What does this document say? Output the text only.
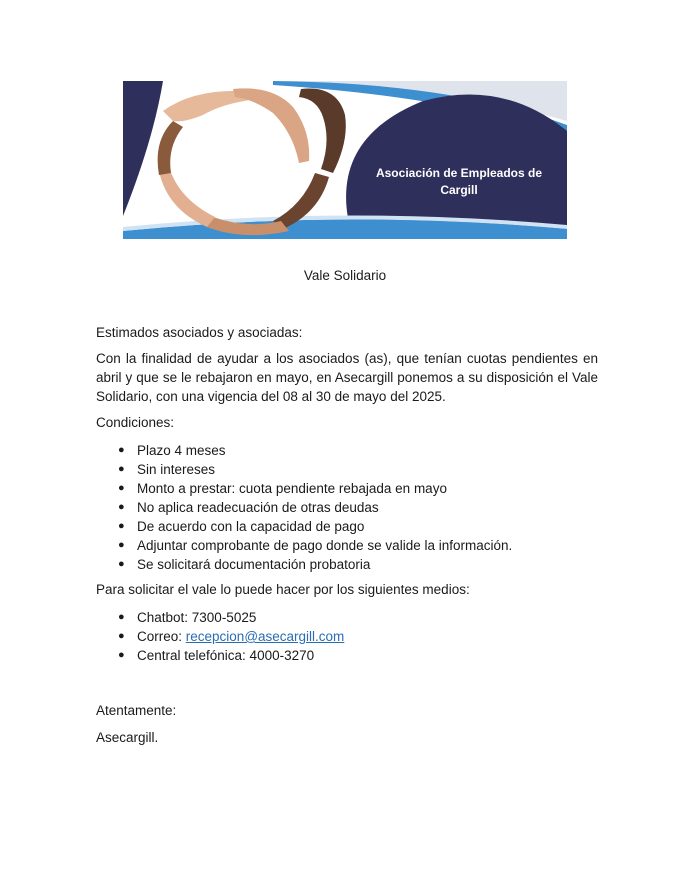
Asociación de Empleados de
Cargill
Vale Solidario
Estimados asociados y asociadas:
Con la finalidad de ayudar a los asociados (as), que tenían cuotas pendientes en abril y que se le rebajaron en mayo, en Asecargill ponemos a su disposición el Vale Solidario, con una vigencia del 08 al 30 de mayo del 2025.
Condiciones:
● Plazo 4 meses
● Sin intereses
● Monto a prestar: cuota pendiente rebajada en mayo
● No aplica readecuación de otras deudas
● De acuerdo con la capacidad de pago
● Adjuntar comprobante de pago donde se valide la información.
● Se solicitará documentación probatoria
Para solicitar el vale lo puede hacer por los siguientes medios:
● Chatbot: 7300-5025
● Correo: recepcion@asecargill.com
● Central telefónica: 4000-3270
Atentamente:
Asecargill.
